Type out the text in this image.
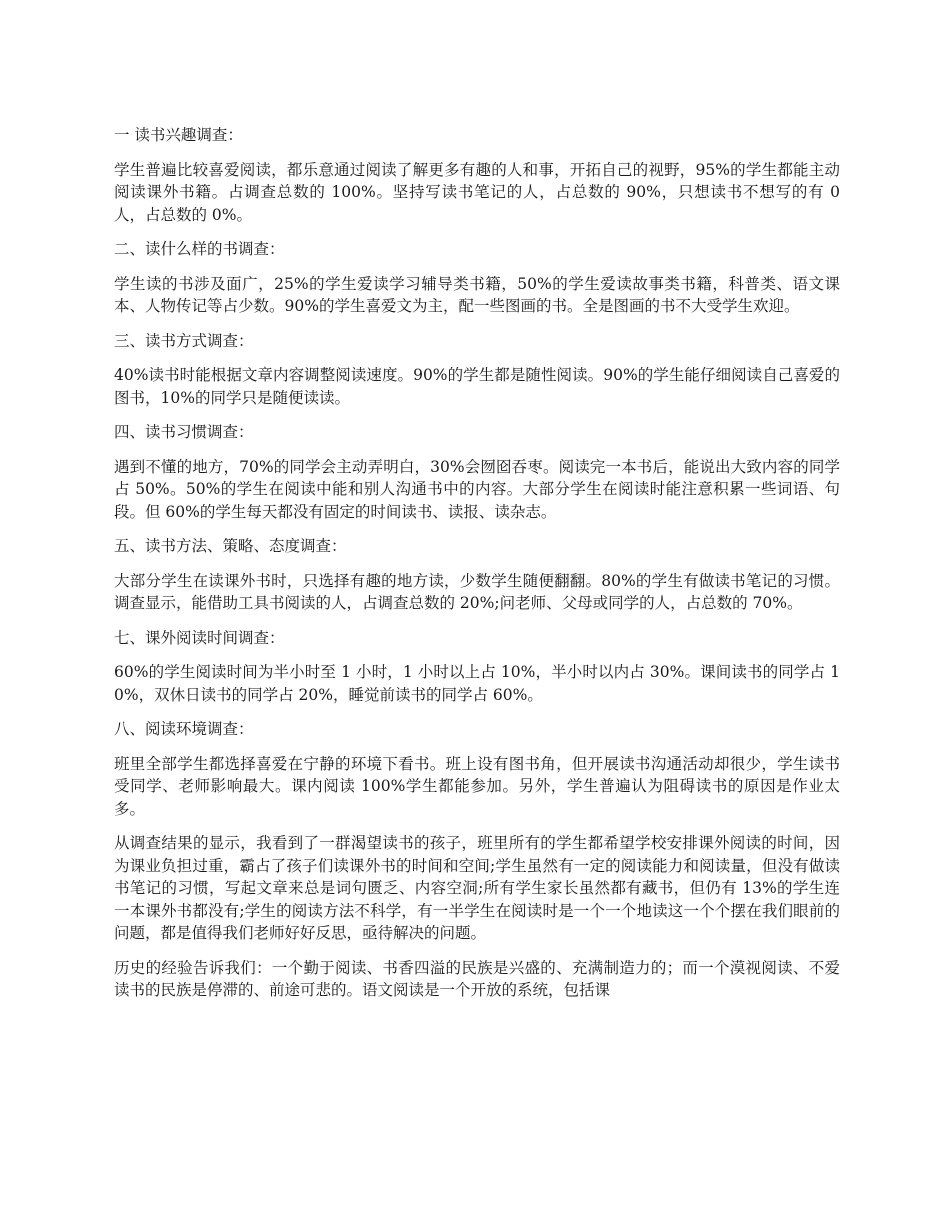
一 读书兴趣调查：

学生普遍比较喜爱阅读，都乐意通过阅读了解更多有趣的人和事，开拓自己的视野，95%的学生都能主动阅读课外书籍。占调查总数的 100%。坚持写读书笔记的人，占总数的 90%，只想读书不想写的有 0 人，占总数的 0%。

二、读什么样的书调查：

学生读的书涉及面广，25%的学生爱读学习辅导类书籍，50%的学生爱读故事类书籍，科普类、语文课本、人物传记等占少数。90%的学生喜爱文为主，配一些图画的书。全是图画的书不大受学生欢迎。

三、读书方式调查：

40%读书时能根据文章内容调整阅读速度。90%的学生都是随性阅读。90%的学生能仔细阅读自己喜爱的图书，10%的同学只是随便读读。

四、读书习惯调查：

遇到不懂的地方，70%的同学会主动弄明白，30%会囫囵吞枣。阅读完一本书后，能说出大致内容的同学占 50%。50%的学生在阅读中能和别人沟通书中的内容。大部分学生在阅读时能注意积累一些词语、句段。但 60%的学生每天都没有固定的时间读书、读报、读杂志。

五、读书方法、策略、态度调查：

大部分学生在读课外书时，只选择有趣的地方读，少数学生随便翻翻。80%的学生有做读书笔记的习惯。调查显示，能借助工具书阅读的人，占调查总数的 20%;问老师、父母或同学的人，占总数的 70%。

七、课外阅读时间调查：

60%的学生阅读时间为半小时至 1 小时，1 小时以上占 10%，半小时以内占 30%。课间读书的同学占 10%，双休日读书的同学占 20%，睡觉前读书的同学占 60%。

八、阅读环境调查：

班里全部学生都选择喜爱在宁静的环境下看书。班上设有图书角，但开展读书沟通活动却很少，学生读书受同学、老师影响最大。课内阅读 100%学生都能参加。另外，学生普遍认为阻碍读书的原因是作业太多。

从调查结果的显示，我看到了一群渴望读书的孩子，班里所有的学生都希望学校安排课外阅读的时间，因为课业负担过重，霸占了孩子们读课外书的时间和空间;学生虽然有一定的阅读能力和阅读量，但没有做读书笔记的习惯，写起文章来总是词句匮乏、内容空洞;所有学生家长虽然都有藏书，但仍有 13%的学生连一本课外书都没有;学生的阅读方法不科学，有一半学生在阅读时是一个一个地读这一个个摆在我们眼前的问题，都是值得我们老师好好反思，亟待解决的问题。

历史的经验告诉我们：一个勤于阅读、书香四溢的民族是兴盛的、充满制造力的；而一个漠视阅读、不爱读书的民族是停滞的、前途可悲的。语文阅读是一个开放的系统，包括课
